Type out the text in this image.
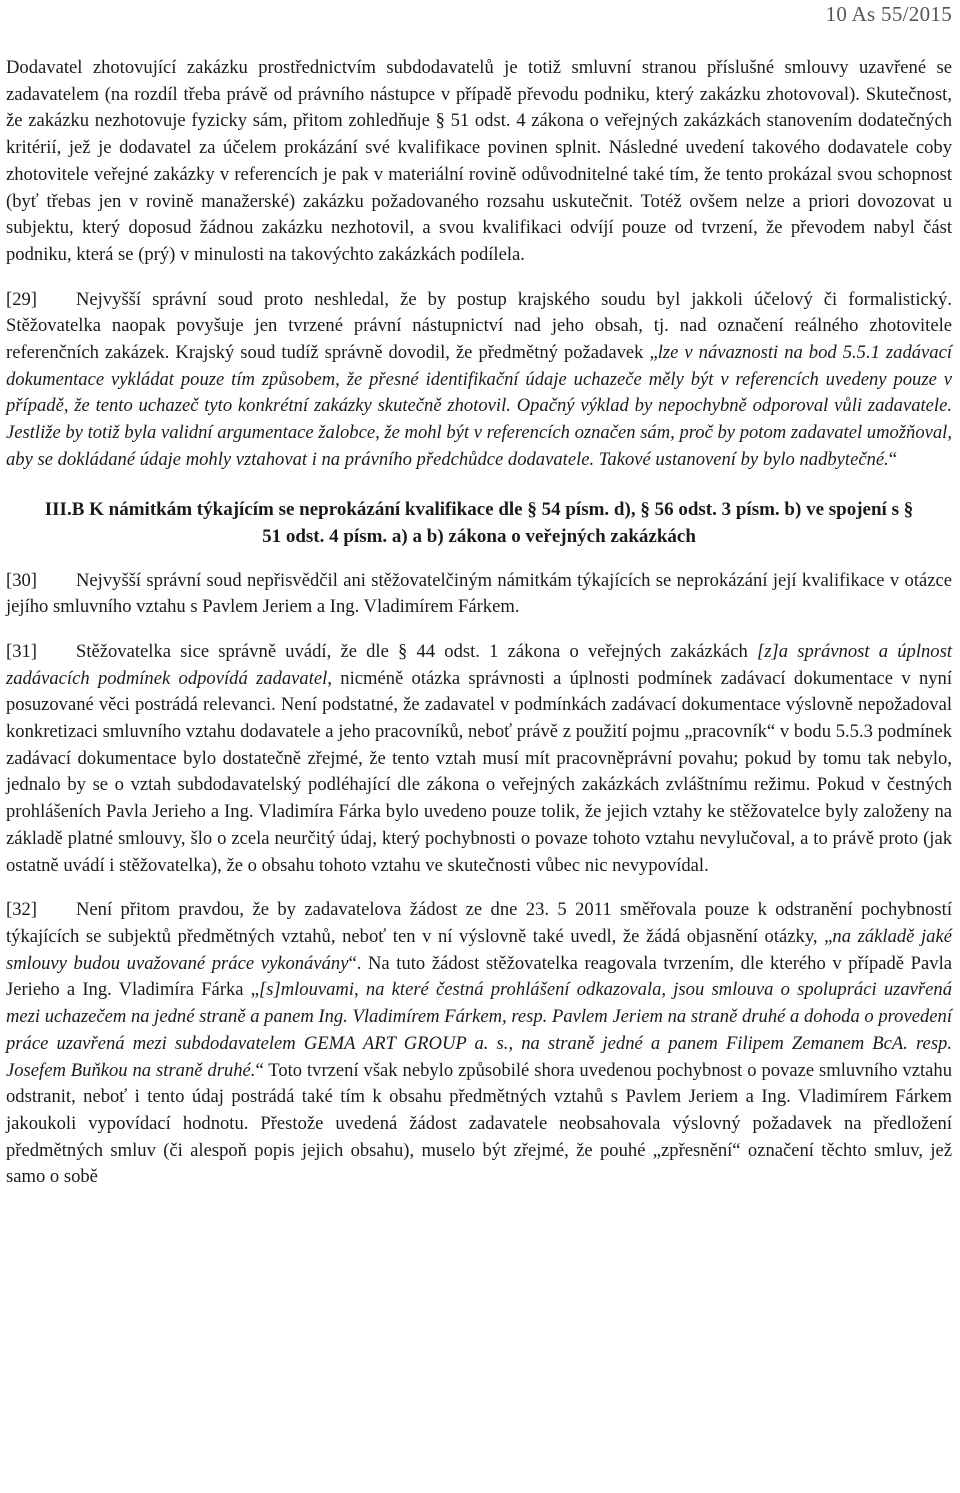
10 As 55/2015

Dodavatel zhotovující zakázku prostřednictvím subdodavatelů je totiž smluvní stranou příslušné smlouvy uzavřené se zadavatelem (na rozdíl třeba právě od právního nástupce v případě převodu podniku, který zakázku zhotovoval). Skutečnost, že zakázku nezhotovuje fyzicky sám, přitom zohledňuje § 51 odst. 4 zákona o veřejných zakázkách stanovením dodatečných kritérií, jež je dodavatel za účelem prokázání své kvalifikace povinen splnit. Následné uvedení takového dodavatele coby zhotovitele veřejné zakázky v referencích je pak v materiální rovině odůvodnitelné také tím, že tento prokázal svou schopnost (byť třebas jen v rovině manažerské) zakázku požadovaného rozsahu uskutečnit. Totéž ovšem nelze a priori dovozovat u subjektu, který doposud žádnou zakázku nezhotovil, a svou kvalifikaci odvíjí pouze od tvrzení, že převodem nabyl část podniku, která se (prý) v minulosti na takovýchto zakázkách podílela.

[29] Nejvyšší správní soud proto neshledal, že by postup krajského soudu byl jakkoli účelový či formalistický. Stěžovatelka naopak povyšuje jen tvrzené právní nástupnictví nad jeho obsah, tj. nad označení reálného zhotovitele referenčních zakázek. Krajský soud tudíž správně dovodil, že předmětný požadavek „lze v návaznosti na bod 5.5.1 zadávací dokumentace vykládat pouze tím způsobem, že přesné identifikační údaje uchazeče měly být v referencích uvedeny pouze v případě, že tento uchazeč tyto konkrétní zakázky skutečně zhotovil. Opačný výklad by nepochybně odporoval vůli zadavatele. Jestliže by totiž byla validní argumentace žalobce, že mohl být v referencích označen sám, proč by potom zadavatel umožňoval, aby se dokládané údaje mohly vztahovat i na právního předchůdce dodavatele. Takové ustanovení by bylo nadbytečné.“

III.B K námitkám týkajícím se neprokázání kvalifikace dle § 54 písm. d), § 56 odst. 3 písm. b) ve spojení s § 51 odst. 4 písm. a) a b) zákona o veřejných zakázkách

[30] Nejvyšší správní soud nepřisvědčil ani stěžovatelčiným námitkám týkajících se neprokázání její kvalifikace v otázce jejího smluvního vztahu s Pavlem Jeriem a Ing. Vladimírem Fárkem.

[31] Stěžovatelka sice správně uvádí, že dle § 44 odst. 1 zákona o veřejných zakázkách [z]a správnost a úplnost zadávacích podmínek odpovídá zadavatel, nicméně otázka správnosti a úplnosti podmínek zadávací dokumentace v nyní posuzované věci postrádá relevanci. Není podstatné, že zadavatel v podmínkách zadávací dokumentace výslovně nepožadoval konkretizaci smluvního vztahu dodavatele a jeho pracovníků, neboť právě z použití pojmu „pracovník“ v bodu 5.5.3 podmínek zadávací dokumentace bylo dostatečně zřejmé, že tento vztah musí mít pracovněprávní povahu; pokud by tomu tak nebylo, jednalo by se o vztah subdodavatelský podléhající dle zákona o veřejných zakázkách zvláštnímu režimu. Pokud v čestných prohlášeních Pavla Jerieho a Ing. Vladimíra Fárka bylo uvedeno pouze tolik, že jejich vztahy ke stěžovatelce byly založeny na základě platné smlouvy, šlo o zcela neurčitý údaj, který pochybnosti o povaze tohoto vztahu nevylučoval, a to právě proto (jak ostatně uvádí i stěžovatelka), že o obsahu tohoto vztahu ve skutečnosti vůbec nic nevypovídal.

[32] Není přitom pravdou, že by zadavatelova žádost ze dne 23. 5 2011 směřovala pouze k odstranění pochybností týkajících se subjektů předmětných vztahů, neboť ten v ní výslovně také uvedl, že žádá objasnění otázky, „na základě jaké smlouvy budou uvažované práce vykonávány“. Na tuto žádost stěžovatelka reagovala tvrzením, dle kterého v případě Pavla Jerieho a Ing. Vladimíra Fárka „[s]mlouvami, na které čestná prohlášení odkazovala, jsou smlouva o spolupráci uzavřená mezi uchazečem na jedné straně a panem Ing. Vladimírem Fárkem, resp. Pavlem Jeriem na straně druhé a dohoda o provedení práce uzavřená mezi subdodavatelem GEMA ART GROUP a. s., na straně jedné a panem Filipem Zemanem BcA. resp. Josefem Buňkou na straně druhé.“ Toto tvrzení však nebylo způsobilé shora uvedenou pochybnost o povaze smluvního vztahu odstranit, neboť i tento údaj postrádá také tím k obsahu předmětných vztahů s Pavlem Jeriem a Ing. Vladimírem Fárkem jakoukoli vypovídací hodnotu. Přestože uvedená žádost zadavatele neobsahovala výslovný požadavek na předložení předmětných smluv (či alespoň popis jejich obsahu), muselo být zřejmé, že pouhé „zpřesnění“ označení těchto smluv, jež samo o sobě
